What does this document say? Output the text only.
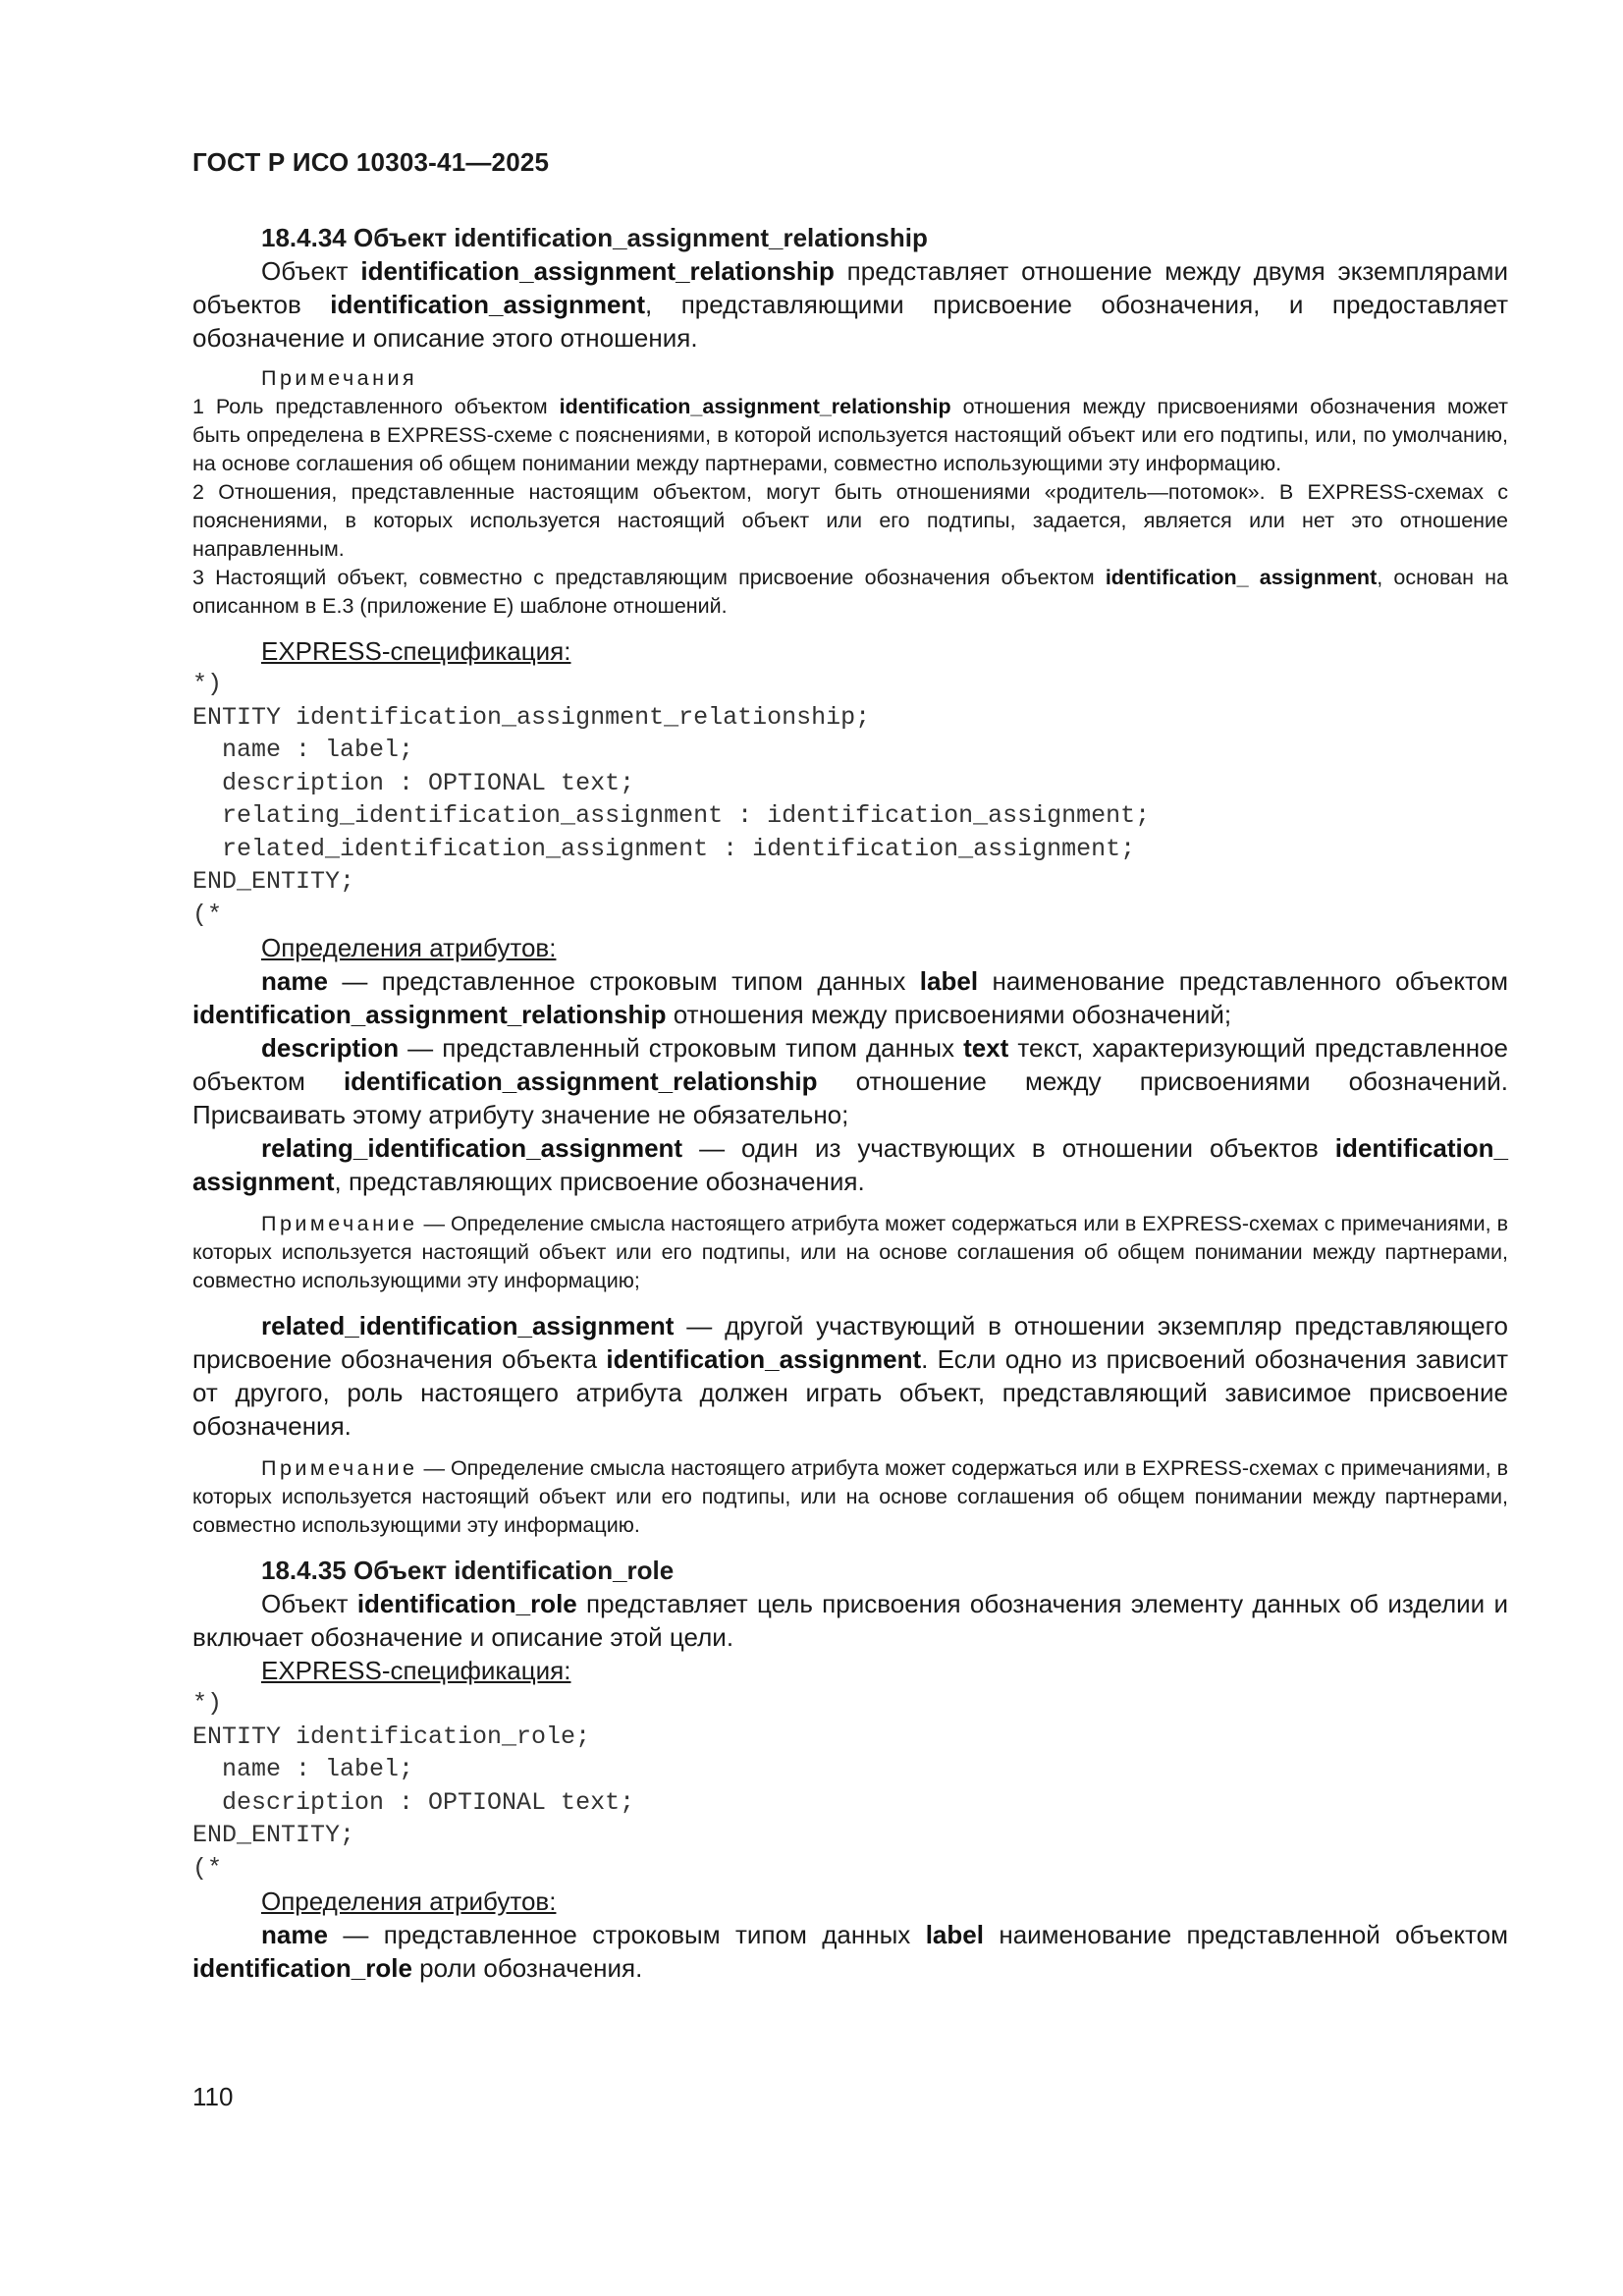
ГОСТ Р ИСО 10303-41—2025

18.4.34 Объект identification_assignment_relationship

Объект identification_assignment_relationship представляет отношение между двумя экземплярами объектов identification_assignment, представляющими присвоение обозначения, и предоставляет обозначение и описание этого отношения.

Примечания
1 Роль представленного объектом identification_assignment_relationship отношения между присвоениями обозначения может быть определена в EXPRESS-схеме с пояснениями, в которой используется настоящий объект или его подтипы, или, по умолчанию, на основе соглашения об общем понимании между партнерами, совместно использующими эту информацию.
2 Отношения, представленные настоящим объектом, могут быть отношениями «родитель—потомок». В EXPRESS-схемах с пояснениями, в которых используется настоящий объект или его подтипы, задается, является или нет это отношение направленным.
3 Настоящий объект, совместно с представляющим присвоение обозначения объектом identification_ assignment, основан на описанном в E.3 (приложение E) шаблоне отношений.

EXPRESS-спецификация:

*)
ENTITY identification_assignment_relationship;
name : label;
description : OPTIONAL text;
relating_identification_assignment : identification_assignment;
related_identification_assignment : identification_assignment;
END_ENTITY;
(*

Определения атрибутов:

name — представленное строковым типом данных label наименование представленного объектом identification_assignment_relationship отношения между присвоениями обозначений;

description — представленный строковым типом данных text текст, характеризующий представленное объектом identification_assignment_relationship отношение между присвоениями обозначений. Присваивать этому атрибуту значение не обязательно;

relating_identification_assignment — один из участвующих в отношении объектов identification_ assignment, представляющих присвоение обозначения.

Примечание — Определение смысла настоящего атрибута может содержаться или в EXPRESS-схемах с примечаниями, в которых используется настоящий объект или его подтипы, или на основе соглашения об общем понимании между партнерами, совместно использующими эту информацию;

related_identification_assignment — другой участвующий в отношении экземпляр представляющего присвоение обозначения объекта identification_assignment. Если одно из присвоений обозначения зависит от другого, роль настоящего атрибута должен играть объект, представляющий зависимое присвоение обозначения.

Примечание — Определение смысла настоящего атрибута может содержаться или в EXPRESS-схемах с примечаниями, в которых используется настоящий объект или его подтипы, или на основе соглашения об общем понимании между партнерами, совместно использующими эту информацию.

18.4.35 Объект identification_role

Объект identification_role представляет цель присвоения обозначения элементу данных об изделии и включает обозначение и описание этой цели.

EXPRESS-спецификация:

*)
ENTITY identification_role;
name : label;
description : OPTIONAL text;
END_ENTITY;
(*

Определения атрибутов:

name — представленное строковым типом данных label наименование представленной объектом identification_role роли обозначения.

110
